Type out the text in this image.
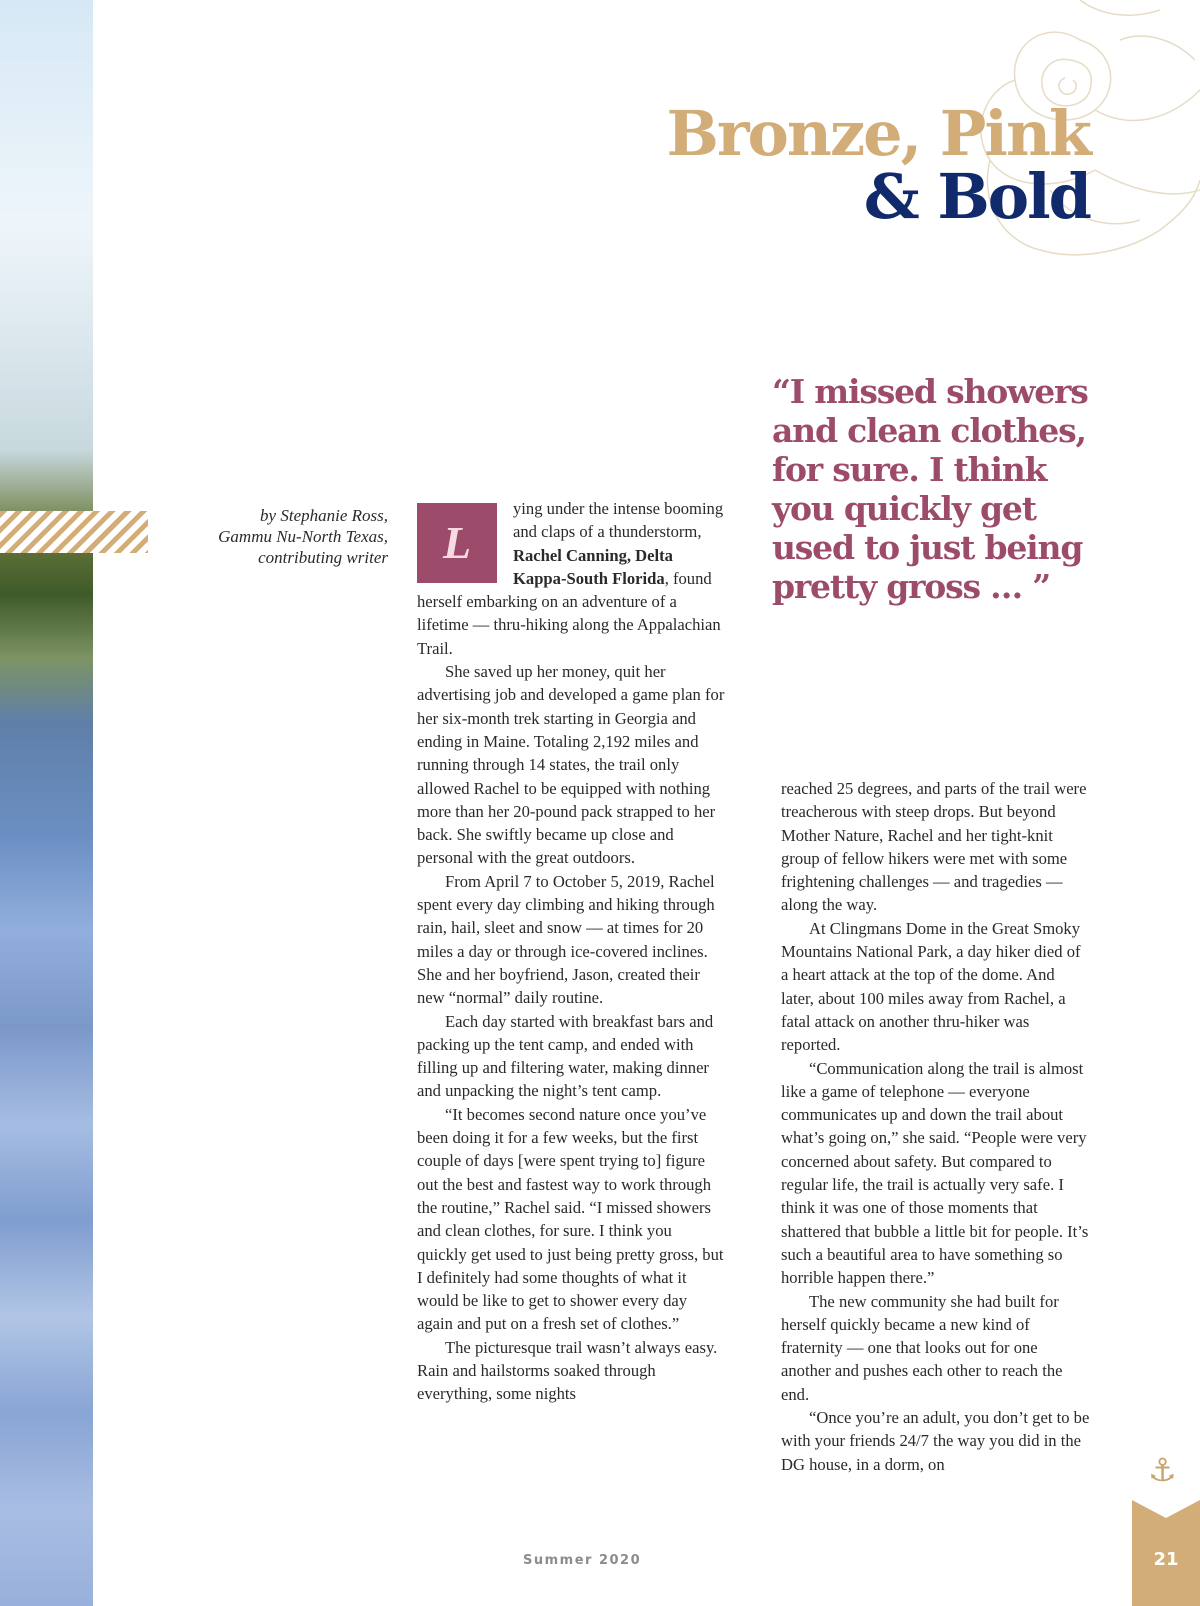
Bronze, Pink
& Bold
by Stephanie Ross,
Gammu Nu-North Texas,
contributing writer
“I missed showers and clean clothes, for sure. I think you quickly get used to just being pretty gross … ”
L

ying under the intense booming and claps of a thunderstorm, Rachel Canning, Delta Kappa-South Florida, found herself embarking on an adventure of a lifetime — thru-hiking along the Appalachian Trail.

She saved up her money, quit her advertising job and developed a game plan for her six-month trek starting in Georgia and ending in Maine. Totaling 2,192 miles and running through 14 states, the trail only allowed Rachel to be equipped with nothing more than her 20-pound pack strapped to her back. She swiftly became up close and personal with the great outdoors.

From April 7 to October 5, 2019, Rachel spent every day climbing and hiking through rain, hail, sleet and snow — at times for 20 miles a day or through ice-covered inclines. She and her boyfriend, Jason, created their new “normal” daily routine.

Each day started with breakfast bars and packing up the tent camp, and ended with filling up and filtering water, making dinner and unpacking the night’s tent camp.

“It becomes second nature once you’ve been doing it for a few weeks, but the first couple of days [were spent trying to] figure out the best and fastest way to work through the routine,” Rachel said. “I missed showers and clean clothes, for sure. I think you quickly get used to just being pretty gross, but I definitely had some thoughts of what it would be like to get to shower every day again and put on a fresh set of clothes.”

The picturesque trail wasn’t always easy. Rain and hailstorms soaked through everything, some nights

reached 25 degrees, and parts of the trail were treacherous with steep drops. But beyond Mother Nature, Rachel and her tight-knit group of fellow hikers were met with some frightening challenges — and tragedies — along the way.

At Clingmans Dome in the Great Smoky Mountains National Park, a day hiker died of a heart attack at the top of the dome. And later, about 100 miles away from Rachel, a fatal attack on another thru-hiker was reported.

“Communication along the trail is almost like a game of telephone — everyone communicates up and down the trail about what’s going on,” she said. “People were very concerned about safety. But compared to regular life, the trail is actually very safe. I think it was one of those moments that shattered that bubble a little bit for people. It’s such a beautiful area to have something so horrible happen there.”

The new community she had built for herself quickly became a new kind of fraternity — one that looks out for one another and pushes each other to reach the end.

“Once you’re an adult, you don’t get to be with your friends 24/7 the way you did in the DG house, in a dorm, on

Summer 2020
⚓
21
